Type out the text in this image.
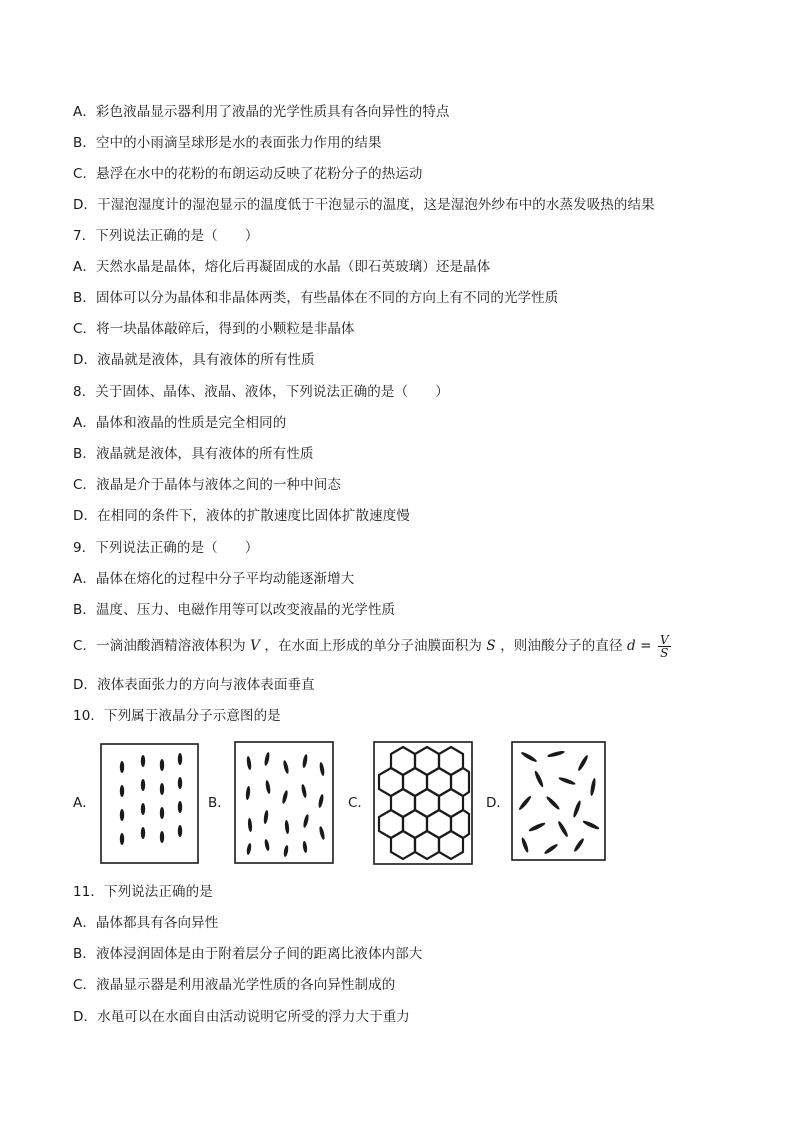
A．彩色液晶显示器利用了液晶的光学性质具有各向异性的特点
B．空中的小雨滴呈球形是水的表面张力作用的结果
C．悬浮在水中的花粉的布朗运动反映了花粉分子的热运动
D．干湿泡湿度计的湿泡显示的温度低于干泡显示的温度，这是湿泡外纱布中的水蒸发吸热的结果
7．下列说法正确的是（　　）
A．天然水晶是晶体，熔化后再凝固成的水晶（即石英玻璃）还是晶体
B．固体可以分为晶体和非晶体两类，有些晶体在不同的方向上有不同的光学性质
C．将一块晶体敲碎后，得到的小颗粒是非晶体
D．液晶就是液体，具有液体的所有性质
8．关于固体、晶体、液晶、液体，下列说法正确的是（　　）
A．晶体和液晶的性质是完全相同的
B．液晶就是液体，具有液体的所有性质
C．液晶是介于晶体与液体之间的一种中间态
D．在相同的条件下，液体的扩散速度比固体扩散速度慢
9．下列说法正确的是（　　）
A．晶体在熔化的过程中分子平均动能逐渐增大
B．温度、压力、电磁作用等可以改变液晶的光学性质
C．一滴油酸酒精溶液体积为 V ，在水面上形成的单分子油膜面积为 S ，则油酸分子的直径 $d = \frac{V}{S}$
D．液体表面张力的方向与液体表面垂直
10．下列属于液晶分子示意图的是
A．	B．	C．	D．
11．下列说法正确的是
A．晶体都具有各向异性
B．液体浸润固体是由于附着层分子间的距离比液体内部大
C．液晶显示器是利用液晶光学性质的各向异性制成的
D．水黾可以在水面自由活动说明它所受的浮力大于重力
